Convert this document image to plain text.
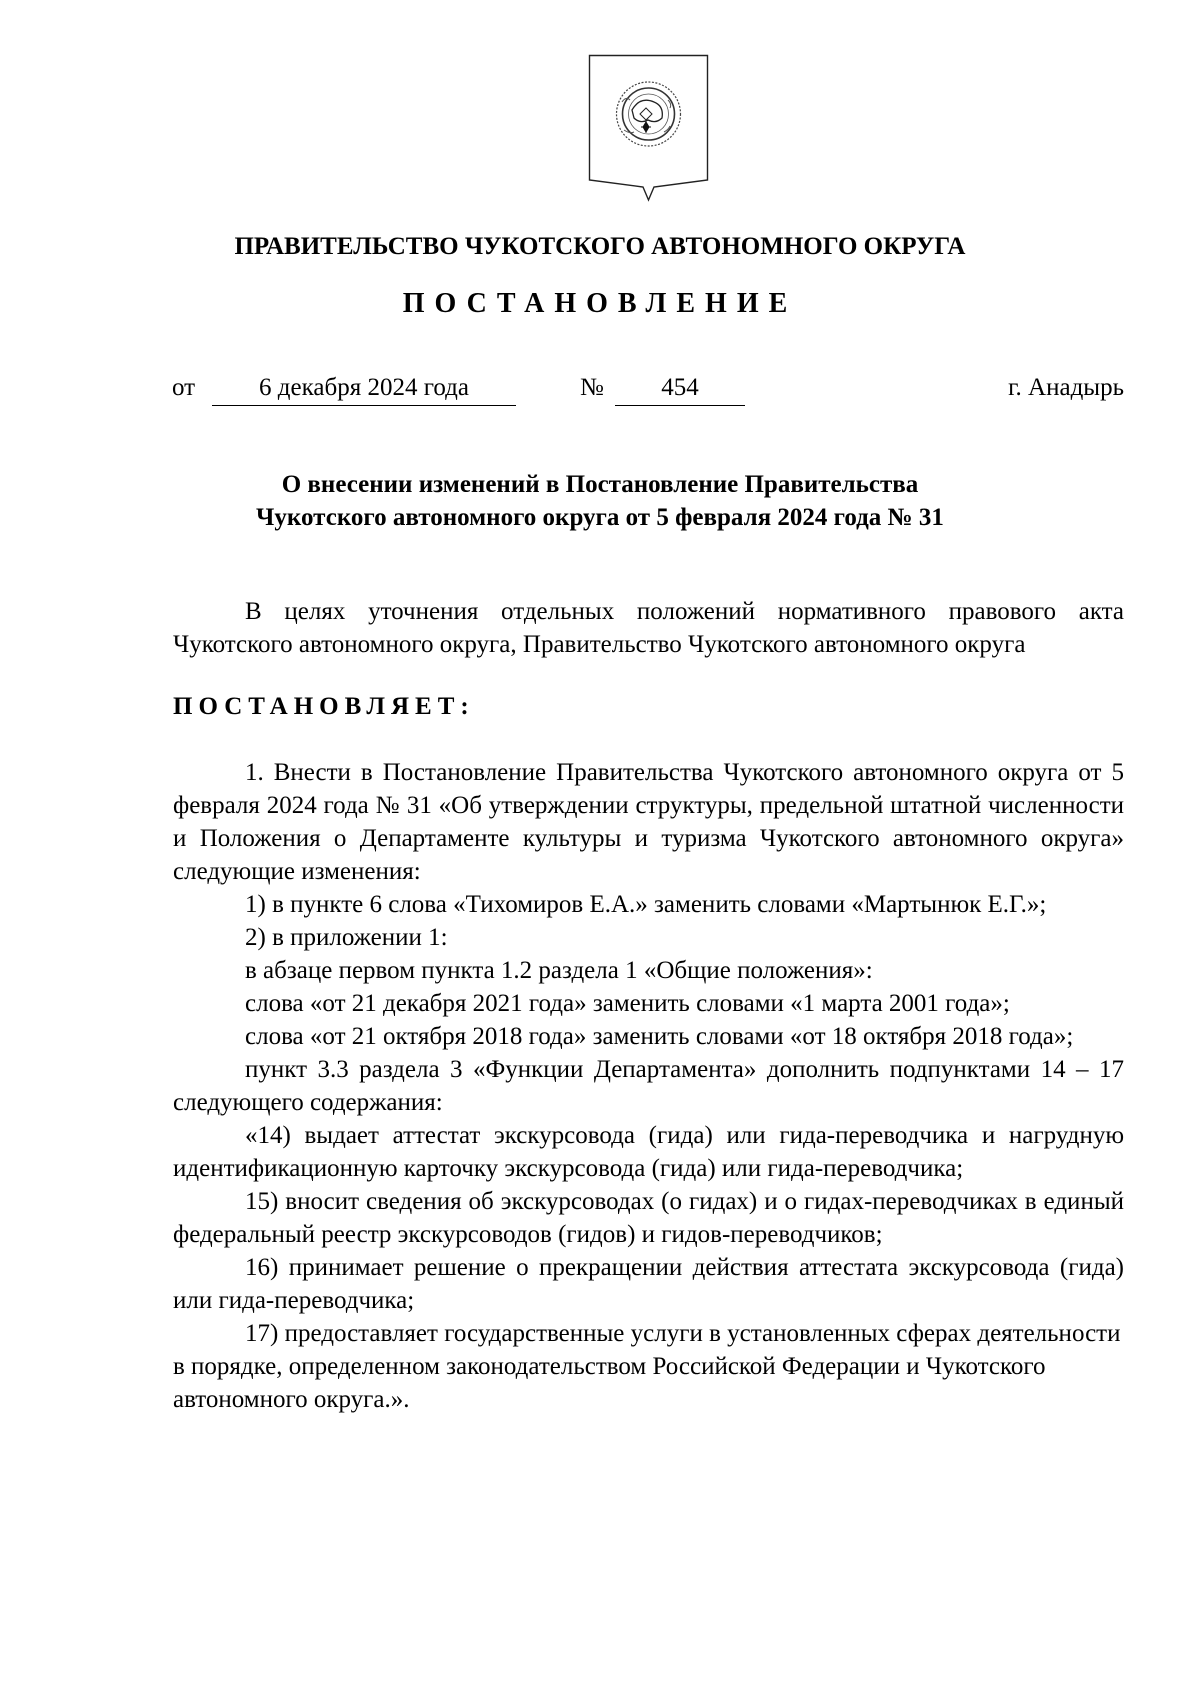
ПРАВИТЕЛЬСТВО ЧУКОТСКОГО АВТОНОМНОГО ОКРУГА
ПОСТАНОВЛЕНИЕ
от	6 декабря 2024 года	№	454	г. Анадырь
О внесении изменений в Постановление Правительства
Чукотского автономного округа от 5 февраля 2024 года № 31

В целях уточнения отдельных положений нормативного правового акта Чукотского автономного округа, Правительство Чукотского автономного округа

ПОСТАНОВЛЯЕТ:

1. Внести в Постановление Правительства Чукотского автономного округа от 5 февраля 2024 года № 31 «Об утверждении структуры, предельной штатной численности и Положения о Департаменте культуры и туризма Чукотского автономного округа» следующие изменения:

1) в пункте 6 слова «Тихомиров Е.А.» заменить словами «Мартынюк Е.Г.»;

2) в приложении 1:

в абзаце первом пункта 1.2 раздела 1 «Общие положения»:

слова «от 21 декабря 2021 года» заменить словами «1 марта 2001 года»;

слова «от 21 октября 2018 года» заменить словами «от 18 октября 2018 года»;

пункт 3.3 раздела 3 «Функции Департамента» дополнить подпунктами 14 – 17 следующего содержания:

«14) выдает аттестат экскурсовода (гида) или гида-переводчика и нагрудную идентификационную карточку экскурсовода (гида) или гида-переводчика;

15) вносит сведения об экскурсоводах (о гидах) и о гидах-переводчиках в единый федеральный реестр экскурсоводов (гидов) и гидов-переводчиков;

16) принимает решение о прекращении действия аттестата экскурсовода (гида) или гида-переводчика;

17) предоставляет государственные услуги в установленных сферах деятельности в порядке, определенном законодательством Российской Федерации и Чукотского автономного округа.».
